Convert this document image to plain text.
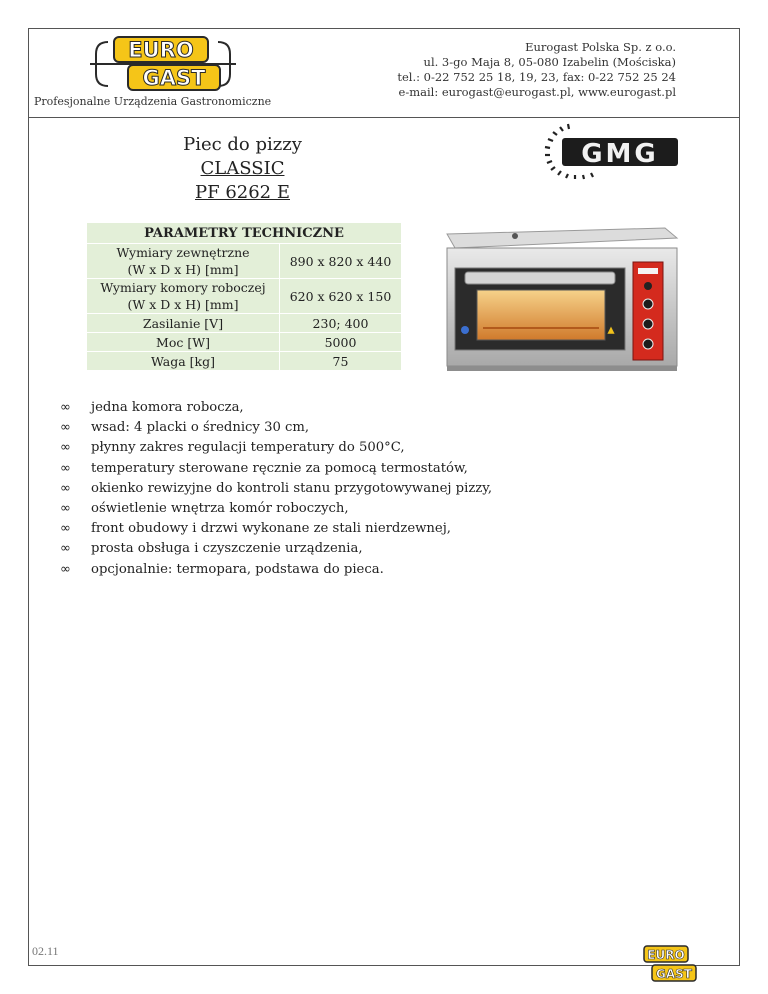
EURO
GAST
Profesjonalne Urządzenia Gastronomiczne
Eurogast Polska Sp. z o.o.
ul. 3-go Maja 8, 05-080 Izabelin (Mościska)
tel.: 0-22 752 25 18, 19, 23, fax: 0-22 752 25 24
e-mail: eurogast@eurogast.pl, www.eurogast.pl
Piec do pizzy
CLASSIC
PF 6262 E
GMG
PARAMETRY TECHNICZNE	

Wymiary zewnętrzne
(W x D x H) [mm]	890 x 820 x 440

Wymiary komory roboczej
(W x D x H) [mm]	620 x 620 x 150
Zasilanie [V]	230; 400
Moc [W]	5000
Waga [kg]	75
∞ jedna komora robocza,
∞ wsad: 4 placki o średnicy 30 cm,
∞ płynny zakres regulacji temperatury do 500°C,
∞ temperatury sterowane ręcznie za pomocą termostatów,
∞ okienko rewizyjne do kontroli stanu przygotowywanej pizzy,
∞ oświetlenie wnętrza komór roboczych,
∞ front obudowy i drzwi wykonane ze stali nierdzewnej,
∞ prosta obsługa i czyszczenie urządzenia,
∞ opcjonalnie: termopara, podstawa do pieca.
02.11	EURO
GAST
